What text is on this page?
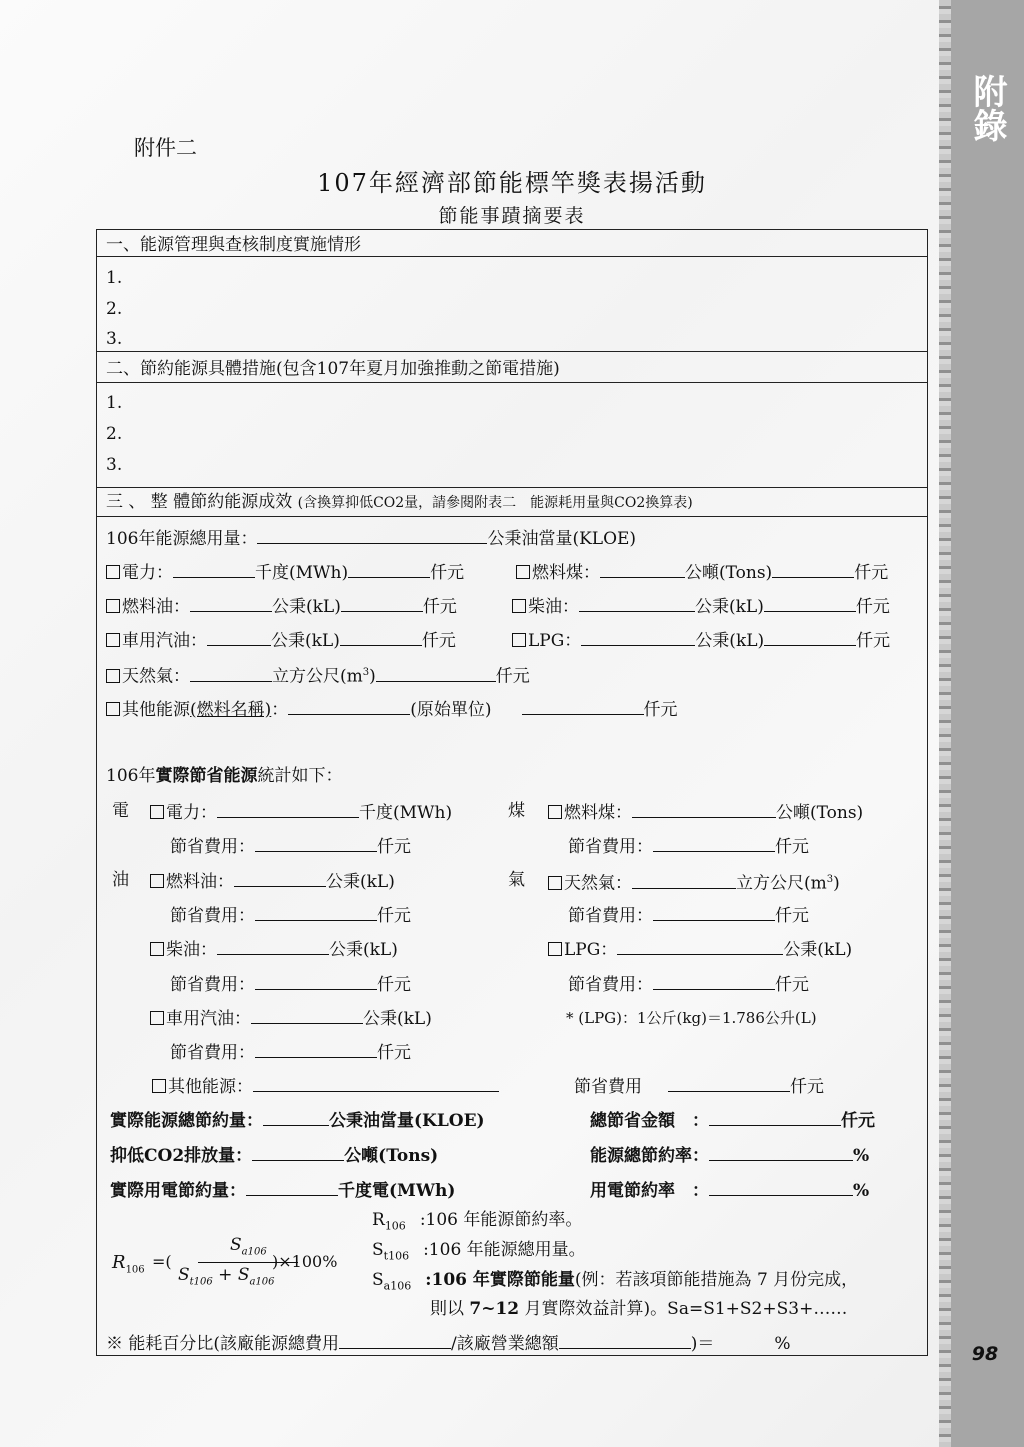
附錄
98
附件二
107年經濟部節能標竿獎表揚活動
節能事蹟摘要表
一、能源管理與查核制度實施情形
1.
2.
3.
二、節約能源具體措施(包含107年夏月加強推動之節電措施)
1.
2.
3.
三 、 整 體節約能源成效 (含換算抑低CO2量，請參閱附表二　能源耗用量與CO2換算表)
106年能源總用量：	公秉油當量(KLOE)
電力：	千度(MWh)	仟元	燃料煤：	公噸(Tons)	仟元
燃料油：	公秉(kL)	仟元	柴油：	公秉(kL)	仟元
車用汽油：	公秉(kL)	仟元	LPG：	公秉(kL)	仟元
天然氣：	立方公尺$(m^3)$	仟元
其他能源(燃料名稱)：	(原始單位)	仟元
106年實際節省能源統計如下：
電	電力：	千度(MWh)	煤	燃料煤：	公噸(Tons)
節省費用：	仟元	節省費用：	仟元
油	燃料油：	公秉(kL)	氣	天然氣：	立方公尺$(m^3)$
節省費用：	仟元	節省費用：	仟元
柴油：	公秉(kL)	LPG：	公秉(kL)
節省費用：	仟元	節省費用：	仟元
車用汽油：	公秉(kL)	* (LPG)：1公斤(kg)＝1.786公升(L)
節省費用：	仟元
其他能源：	節省費用	仟元
實際能源總節約量：	公秉油當量(KLOE)	總節省金額　：	仟元
抑低CO2排放量：	公噸(Tons)	能源總節約率：	%
實際用電節約量：	千度電(MWh)	用電節約率　：	%
$R_{106}$ =(
$S_{a106}$
$S_{t106} + S_{a106}$
)×100%
$R_{106}$ :106 年能源節約率。
$S_{t106}$ :106 年能源總用量。
$S_{a106}$ :106 年實際節能量(例：若該項節能措施為 7 月份完成，
則以 7~12 月實際效益計算)。Sa=S1+S2+S3+……
※ 能耗百分比(該廠能源總費用	/該廠營業總額	)＝	%
